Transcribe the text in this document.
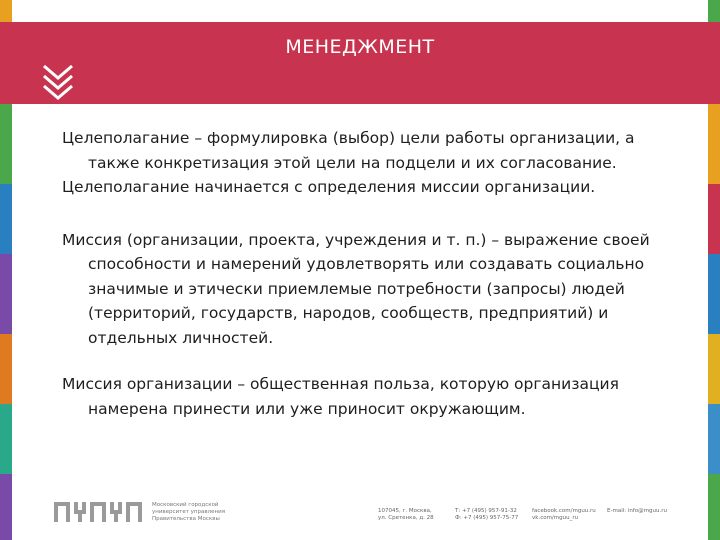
МЕНЕДЖМЕНТ

Целеполагание – формулировка (выбор) цели работы организации, а также конкретизация этой цели на подцели и их согласование.

Целеполагание начинается с определения миссии организации.

Миссия (организации, проекта, учреждения и т. п.) – выражение своей способности и намерений удовлетворять или создавать социально значимые и этически приемлемые потребности (запросы) людей (территорий, государств, народов, сообществ, предприятий) и отдельных личностей.

Миссия организации – общественная польза, которую организация намерена принести или уже приносит окружающим.

Московский городской
университет управления
Правительства Москвы
107045, г. Москва,
ул. Сретенка, д. 28
Т: +7 (495) 957-91-32
Ф: +7 (495) 957-75-77
facebook.com/mguu.ru
vk.com/mguu_ru
E-mail: info@mguu.ru
